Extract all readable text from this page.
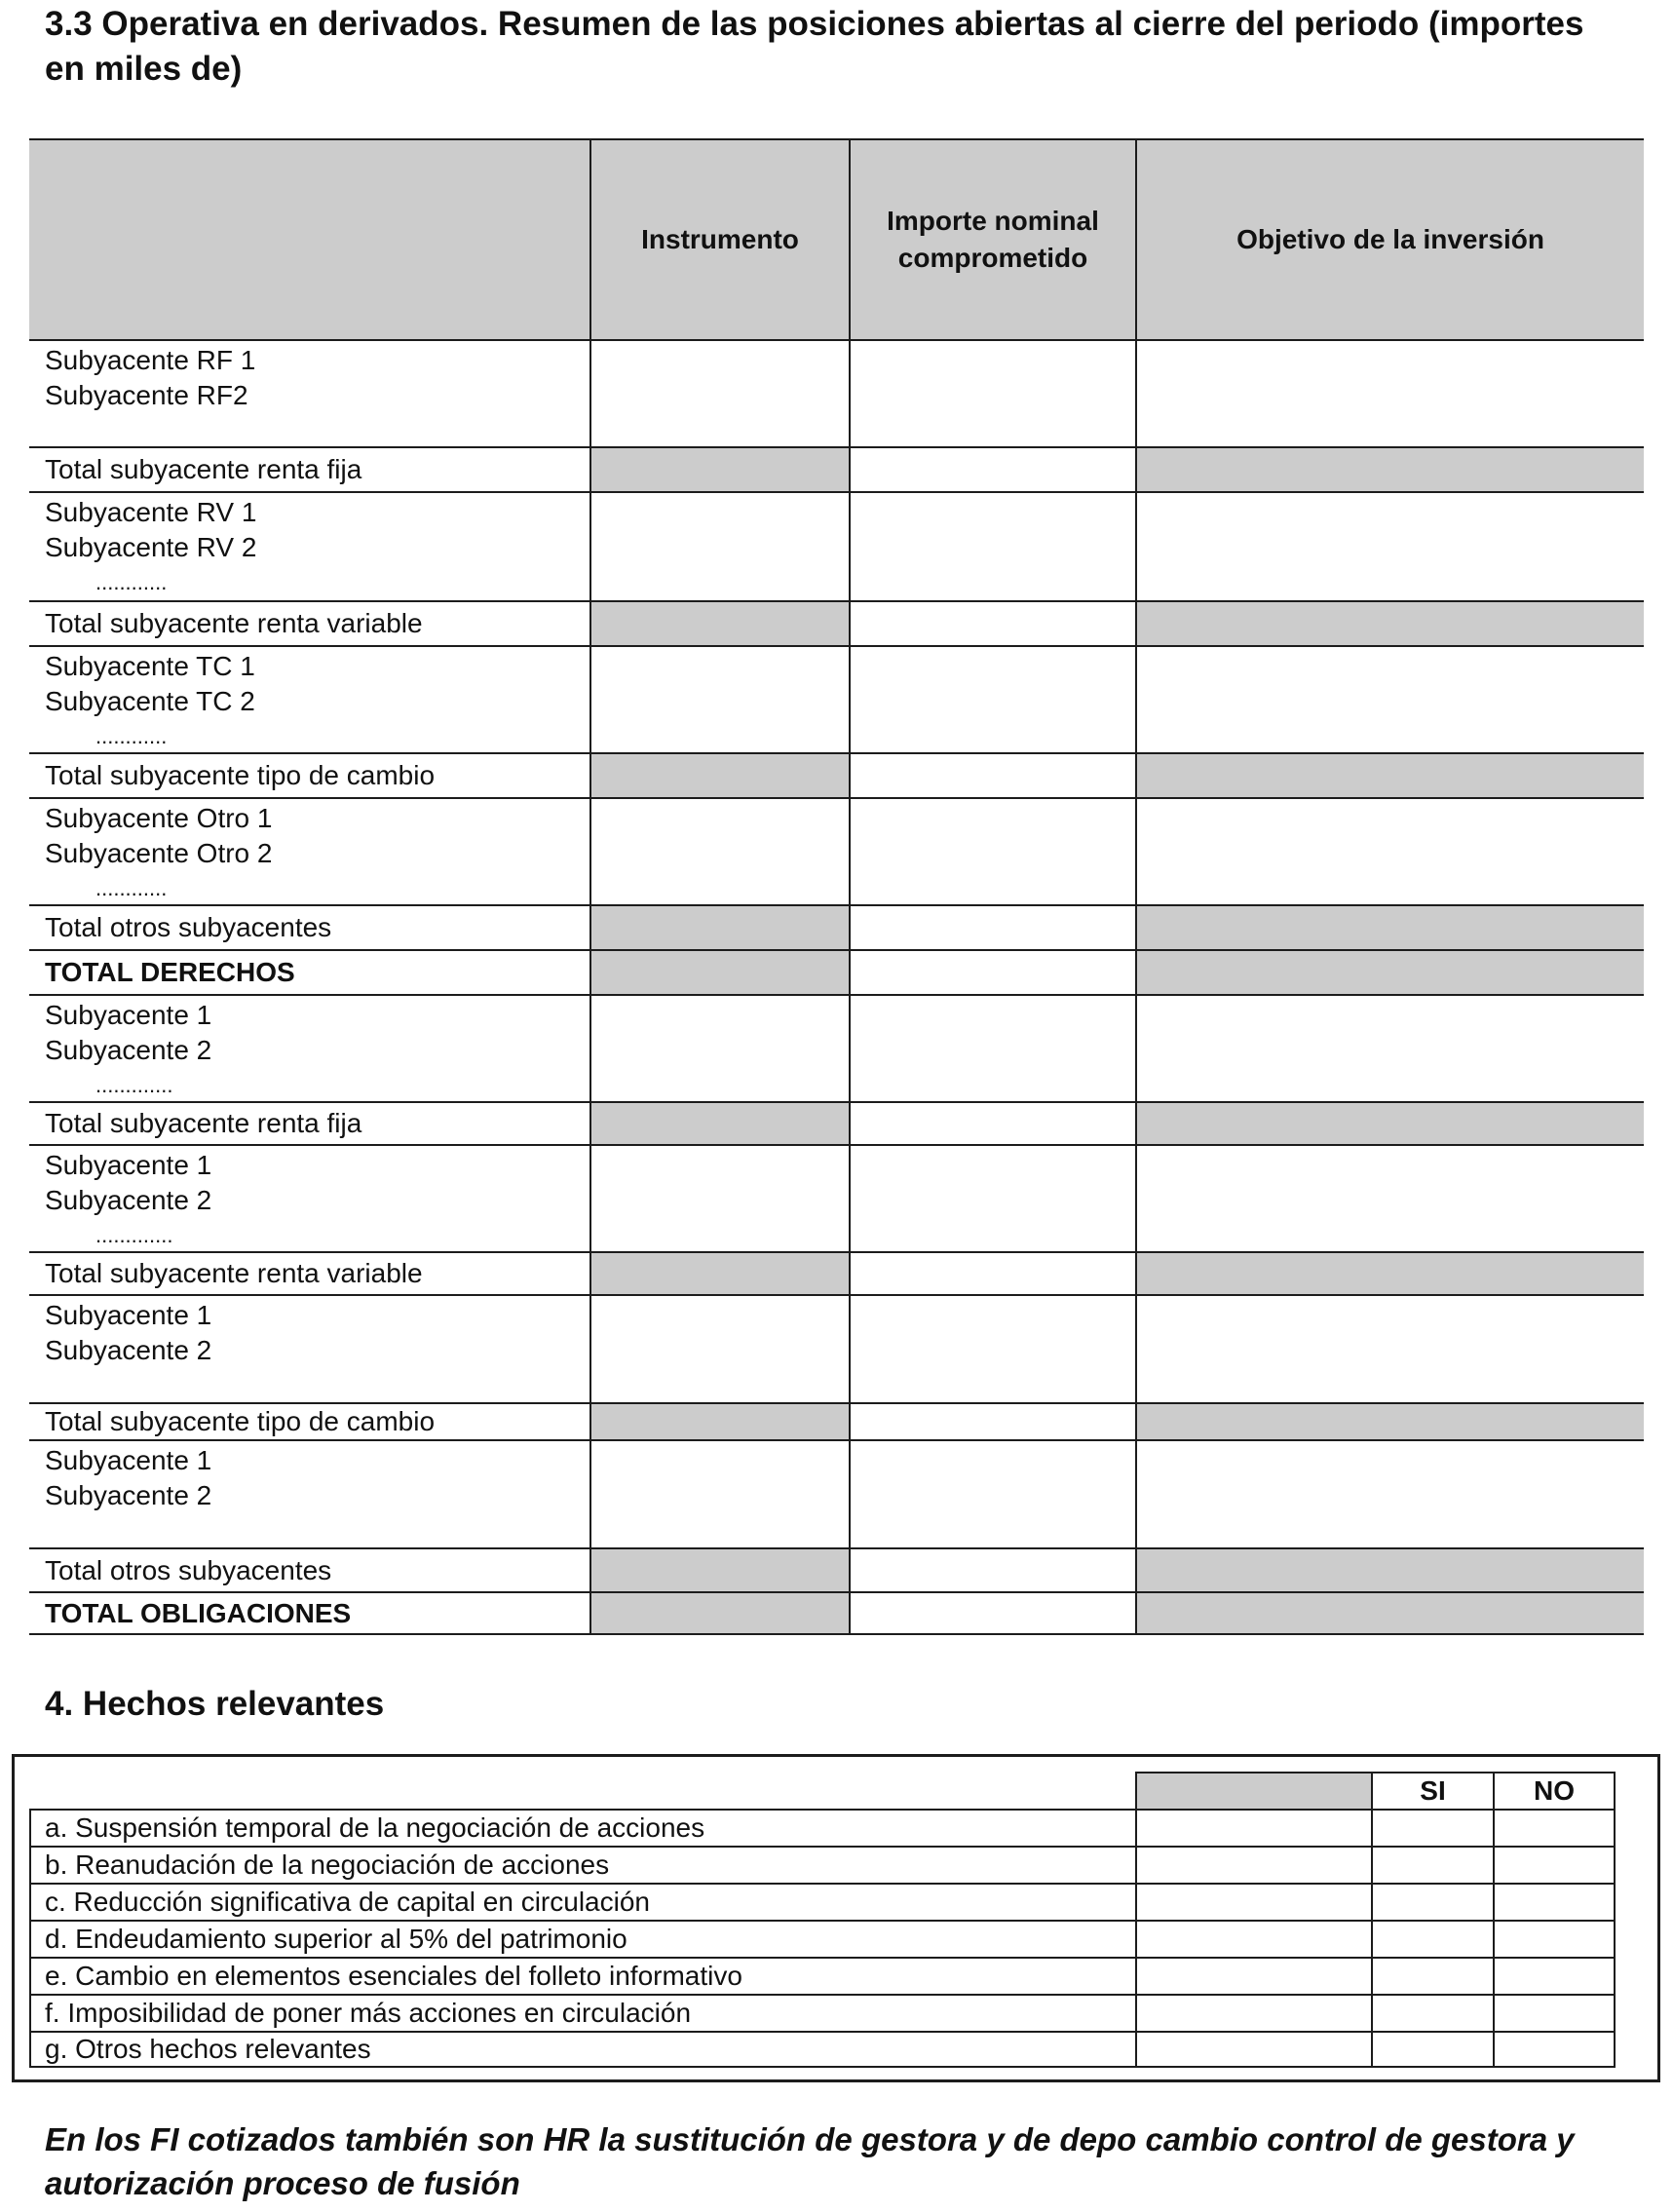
3.3 Operativa en derivados. Resumen de las posiciones abiertas al cierre del periodo (importes en miles de)
Instrumento
Importe nominal comprometido
Objetivo de la inversión
Subyacente RF 1
Subyacente RF2
Total subyacente renta fija
Subyacente RV 1
Subyacente RV 2
............
Total subyacente renta variable
Subyacente TC 1
Subyacente TC 2
............
Total subyacente tipo de cambio
Subyacente Otro 1
Subyacente Otro 2
............
Total otros subyacentes
TOTAL DERECHOS
Subyacente 1
Subyacente 2
.............
Total subyacente renta fija
Subyacente 1
Subyacente 2
.............
Total subyacente renta variable
Subyacente 1
Subyacente 2
Total subyacente tipo de cambio
Subyacente 1
Subyacente 2
Total otros subyacentes
TOTAL OBLIGACIONES
4. Hechos relevantes
SI	NO
a. Suspensión temporal de la negociación de acciones
b. Reanudación de la negociación de acciones
c. Reducción significativa de capital en circulación
d. Endeudamiento superior al 5% del patrimonio
e. Cambio en elementos esenciales del folleto informativo
f. Imposibilidad de poner más acciones en circulación
g. Otros hechos relevantes
En los FI cotizados también son HR la sustitución de gestora y de depo cambio control de gestora y autorización proceso de fusión
